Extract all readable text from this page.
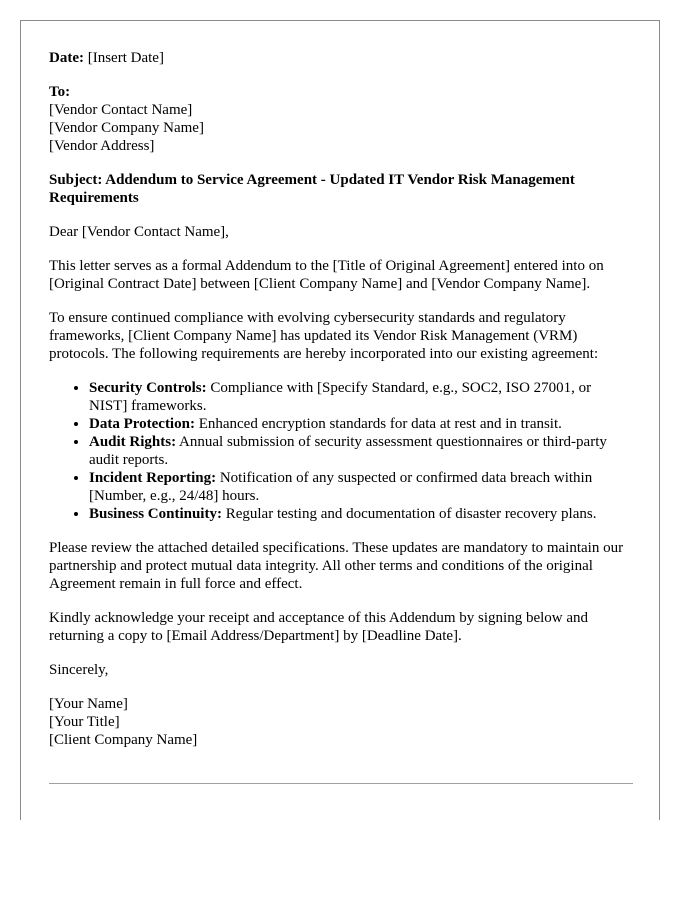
Date: [Insert Date]

To:
[Vendor Contact Name]
[Vendor Company Name]
[Vendor Address]

Subject: Addendum to Service Agreement - Updated IT Vendor Risk Management Requirements

Dear [Vendor Contact Name],

This letter serves as a formal Addendum to the [Title of Original Agreement] entered into on [Original Contract Date] between [Client Company Name] and [Vendor Company Name].

To ensure continued compliance with evolving cybersecurity standards and regulatory frameworks, [Client Company Name] has updated its Vendor Risk Management (VRM) protocols. The following requirements are hereby incorporated into our existing agreement:

• Security Controls: Compliance with [Specify Standard, e.g., SOC2, ISO 27001, or NIST] frameworks.
• Data Protection: Enhanced encryption standards for data at rest and in transit.
• Audit Rights: Annual submission of security assessment questionnaires or third-party audit reports.
• Incident Reporting: Notification of any suspected or confirmed data breach within [Number, e.g., 24/48] hours.
• Business Continuity: Regular testing and documentation of disaster recovery plans.

Please review the attached detailed specifications. These updates are mandatory to maintain our partnership and protect mutual data integrity. All other terms and conditions of the original Agreement remain in full force and effect.

Kindly acknowledge your receipt and acceptance of this Addendum by signing below and returning a copy to [Email Address/Department] by [Deadline Date].

Sincerely,

[Your Name]
[Your Title]
[Client Company Name]
